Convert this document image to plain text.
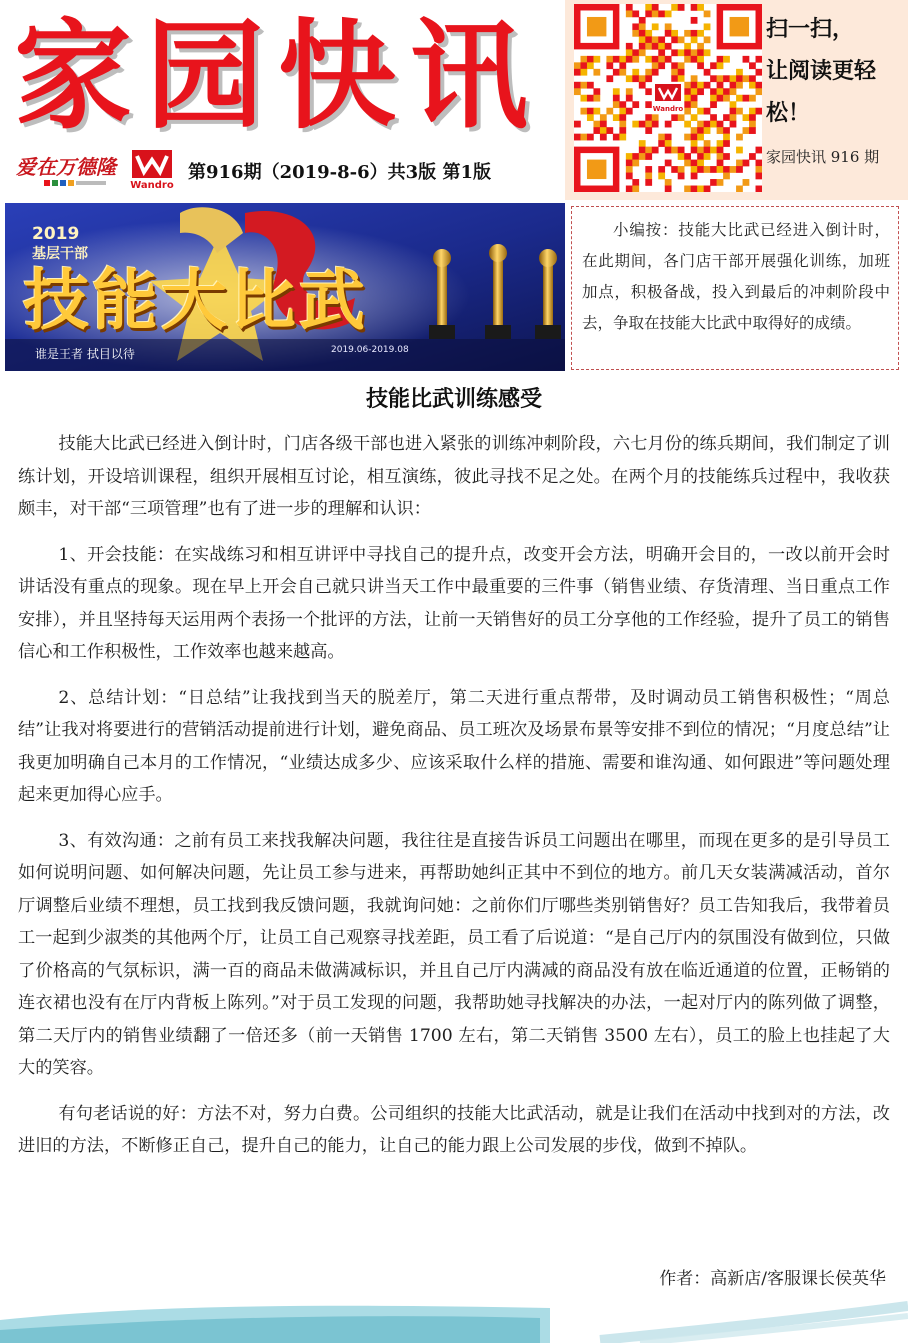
家园快讯
爱在万德隆
Wandro
第916期（2019-8-6）共3版 第1版
Wandro
扫一扫，
让阅读更轻松！
家园快讯 916 期
2019
基层干部
技能大比武
谁是王者 拭目以待	2019.06-2019.08
小编按：技能大比武已经进入倒计时，在此期间，各门店干部开展强化训练，加班加点，积极备战，投入到最后的冲刺阶段中去，争取在技能大比武中取得好的成绩。
技能比武训练感受

技能大比武已经进入倒计时，门店各级干部也进入紧张的训练冲刺阶段，六七月份的练兵期间，我们制定了训练计划，开设培训课程，组织开展相互讨论，相互演练，彼此寻找不足之处。在两个月的技能练兵过程中，我收获颇丰，对干部“三项管理”也有了进一步的理解和认识：

1、开会技能：在实战练习和相互讲评中寻找自己的提升点，改变开会方法，明确开会目的，一改以前开会时讲话没有重点的现象。现在早上开会自己就只讲当天工作中最重要的三件事（销售业绩、存货清理、当日重点工作安排），并且坚持每天运用两个表扬一个批评的方法，让前一天销售好的员工分享他的工作经验，提升了员工的销售信心和工作积极性，工作效率也越来越高。

2、总结计划：“日总结”让我找到当天的脱差厅，第二天进行重点帮带，及时调动员工销售积极性；“周总结”让我对将要进行的营销活动提前进行计划，避免商品、员工班次及场景布景等安排不到位的情况；“月度总结”让我更加明确自己本月的工作情况，“业绩达成多少、应该采取什么样的措施、需要和谁沟通、如何跟进”等问题处理起来更加得心应手。

3、有效沟通：之前有员工来找我解决问题，我往往是直接告诉员工问题出在哪里，而现在更多的是引导员工如何说明问题、如何解决问题，先让员工参与进来，再帮助她纠正其中不到位的地方。前几天女装满减活动，首尔厅调整后业绩不理想，员工找到我反馈问题，我就询问她：之前你们厅哪些类别销售好？员工告知我后，我带着员工一起到少淑类的其他两个厅，让员工自己观察寻找差距，员工看了后说道：“是自己厅内的氛围没有做到位，只做了价格高的气氛标识，满一百的商品未做满减标识，并且自己厅内满减的商品没有放在临近通道的位置，正畅销的连衣裙也没有在厅内背板上陈列。”对于员工发现的问题，我帮助她寻找解决的办法，一起对厅内的陈列做了调整，第二天厅内的销售业绩翻了一倍还多（前一天销售 1700 左右，第二天销售 3500 左右），员工的脸上也挂起了大大的笑容。

有句老话说的好：方法不对，努力白费。公司组织的技能大比武活动，就是让我们在活动中找到对的方法，改进旧的方法，不断修正自己，提升自己的能力，让自己的能力跟上公司发展的步伐，做到不掉队。

作者：高新店/客服课长侯英华
